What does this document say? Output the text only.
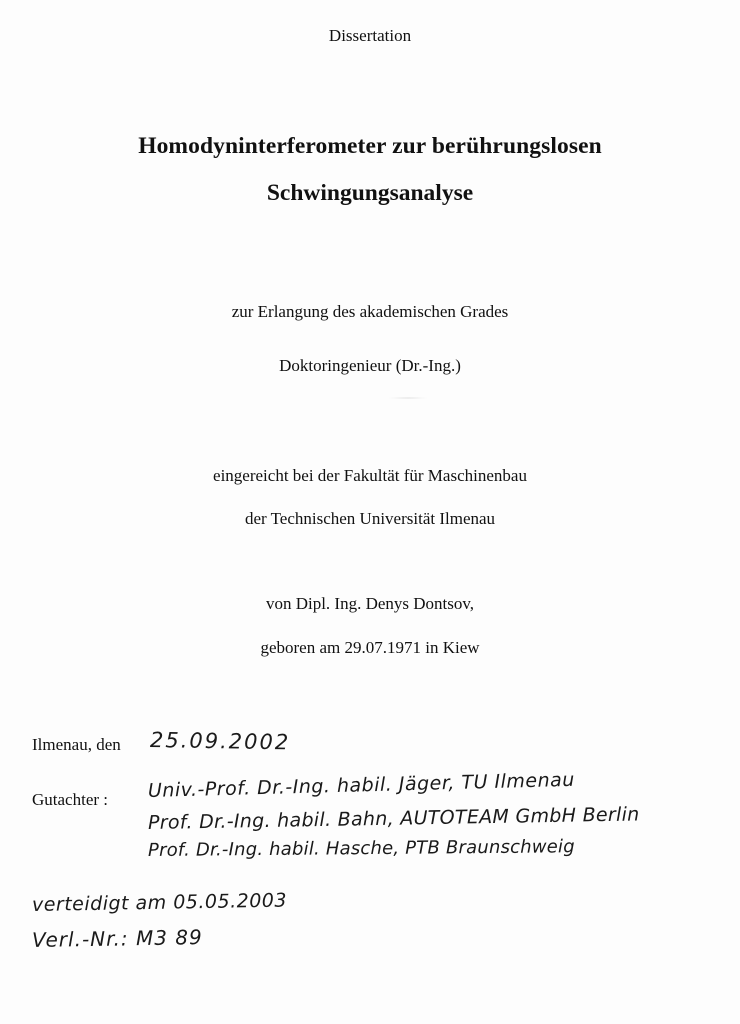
Dissertation
Homodyninterferometer zur berührungslosen
Schwingungsanalyse
zur Erlangung des akademischen Grades
Doktoringenieur (Dr.-Ing.)
eingereicht bei der Fakultät für Maschinenbau
der Technischen Universität Ilmenau
von Dipl. Ing. Denys Dontsov,
geboren am 29.07.1971 in Kiew
Ilmenau, den 25.09.2002
Gutachter : Univ.-Prof. Dr.-Ing. habil. Jäger, TU Ilmenau
Prof. Dr.-Ing. habil. Bahn, AUTOTEAM GmbH Berlin
Prof. Dr.-Ing. habil. Hasche, PTB Braunschweig
verteidigt am 05.05.2003
Verl.-Nr.: M3 89
